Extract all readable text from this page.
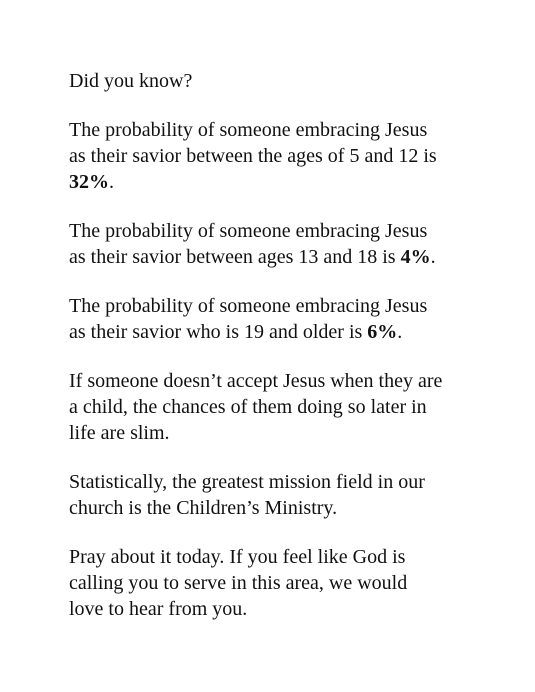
Did you know?

The probability of someone embracing Jesus
as their savior between the ages of 5 and 12 is
32%.

The probability of someone embracing Jesus
as their savior between ages 13 and 18 is 4%.

The probability of someone embracing Jesus
as their savior who is 19 and older is 6%.

If someone doesn’t accept Jesus when they are
a child, the chances of them doing so later in
life are slim.

Statistically, the greatest mission field in our
church is the Children’s Ministry.

Pray about it today. If you feel like God is
calling you to serve in this area, we would
love to hear from you.
